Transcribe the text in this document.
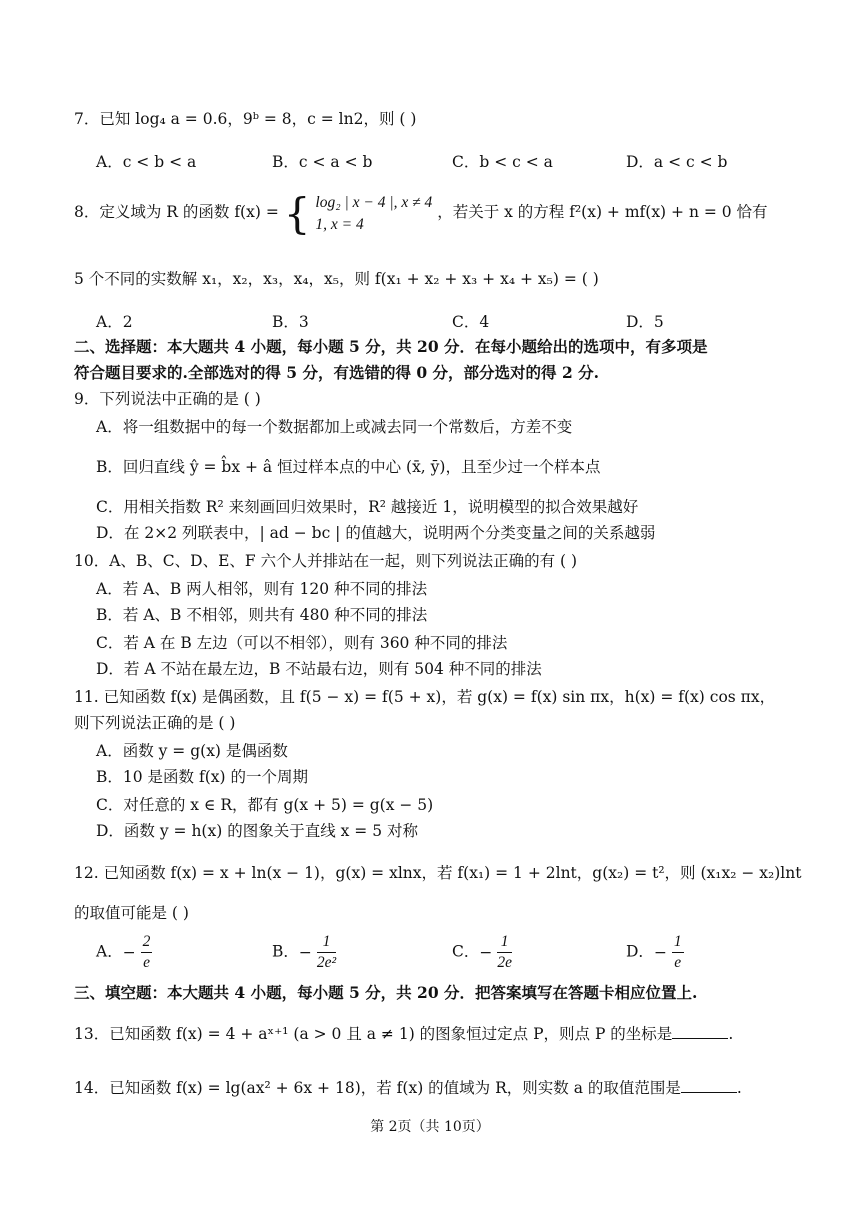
7．已知 log₄ a = 0.6，9ᵇ = 8，c = ln2，则 ( )
A．c < b < a	B．c < a < b	C．b < c < a	D．a < c < b
8．定义域为 R 的函数 f(x) = { log₂ | x − 4 |, x ≠ 4
1, x = 4
，若关于 x 的方程 f²(x) + mf(x) + n = 0 恰有
5 个不同的实数解 x₁，x₂，x₃，x₄，x₅，则 f(x₁ + x₂ + x₃ + x₄ + x₅) = ( )
A．2	B．3	C．4	D．5
二、选择题：本大题共 4 小题，每小题 5 分，共 20 分．在每小题给出的选项中，有多项是
符合题目要求的.全部选对的得 5 分，有选错的得 0 分，部分选对的得 2 分.
9．下列说法中正确的是 ( )
A．将一组数据中的每一个数据都加上或减去同一个常数后，方差不变
B．回归直线 ŷ = b̂x + â 恒过样本点的中心 (x̄, ȳ)，且至少过一个样本点
C．用相关指数 R² 来刻画回归效果时，R² 越接近 1，说明模型的拟合效果越好
D．在 2×2 列联表中，| ad − bc | 的值越大，说明两个分类变量之间的关系越弱
10．A、B、C、D、E、F 六个人并排站在一起，则下列说法正确的有 ( )
A．若 A、B 两人相邻，则有 120 种不同的排法
B．若 A、B 不相邻，则共有 480 种不同的排法
C．若 A 在 B 左边（可以不相邻），则有 360 种不同的排法
D．若 A 不站在最左边，B 不站最右边，则有 504 种不同的排法
11. 已知函数 f(x) 是偶函数，且 f(5 − x) = f(5 + x)，若 g(x) = f(x) sin πx，h(x) = f(x) cos πx，
则下列说法正确的是 ( )
A．函数 y = g(x) 是偶函数
B．10 是函数 f(x) 的一个周期
C．对任意的 x ∈ R，都有 g(x + 5) = g(x − 5)
D．函数 y = h(x) 的图象关于直线 x = 5 对称
12. 已知函数 f(x) = x + ln(x − 1)，g(x) = xlnx，若 f(x₁) = 1 + 2lnt，g(x₂) = t²，则 (x₁x₂ − x₂)lnt
的取值可能是 ( )
A．− $\frac{2}{e}$	B．− $\frac{1}{\text{2e²}}$	C．− $\frac{1}{2e}$	D．− $\frac{1}{e}$
三、填空题：本大题共 4 小题，每小题 5 分，共 20 分．把答案填写在答题卡相应位置上.
13．已知函数 f(x) = 4 + aˣ⁺¹ (a > 0 且 a ≠ 1) 的图象恒过定点 P，则点 P 的坐标是	.
14．已知函数 f(x) = lg(ax² + 6x + 18)，若 f(x) 的值域为 R，则实数 a 的取值范围是	.
第 2页（共 10页）
